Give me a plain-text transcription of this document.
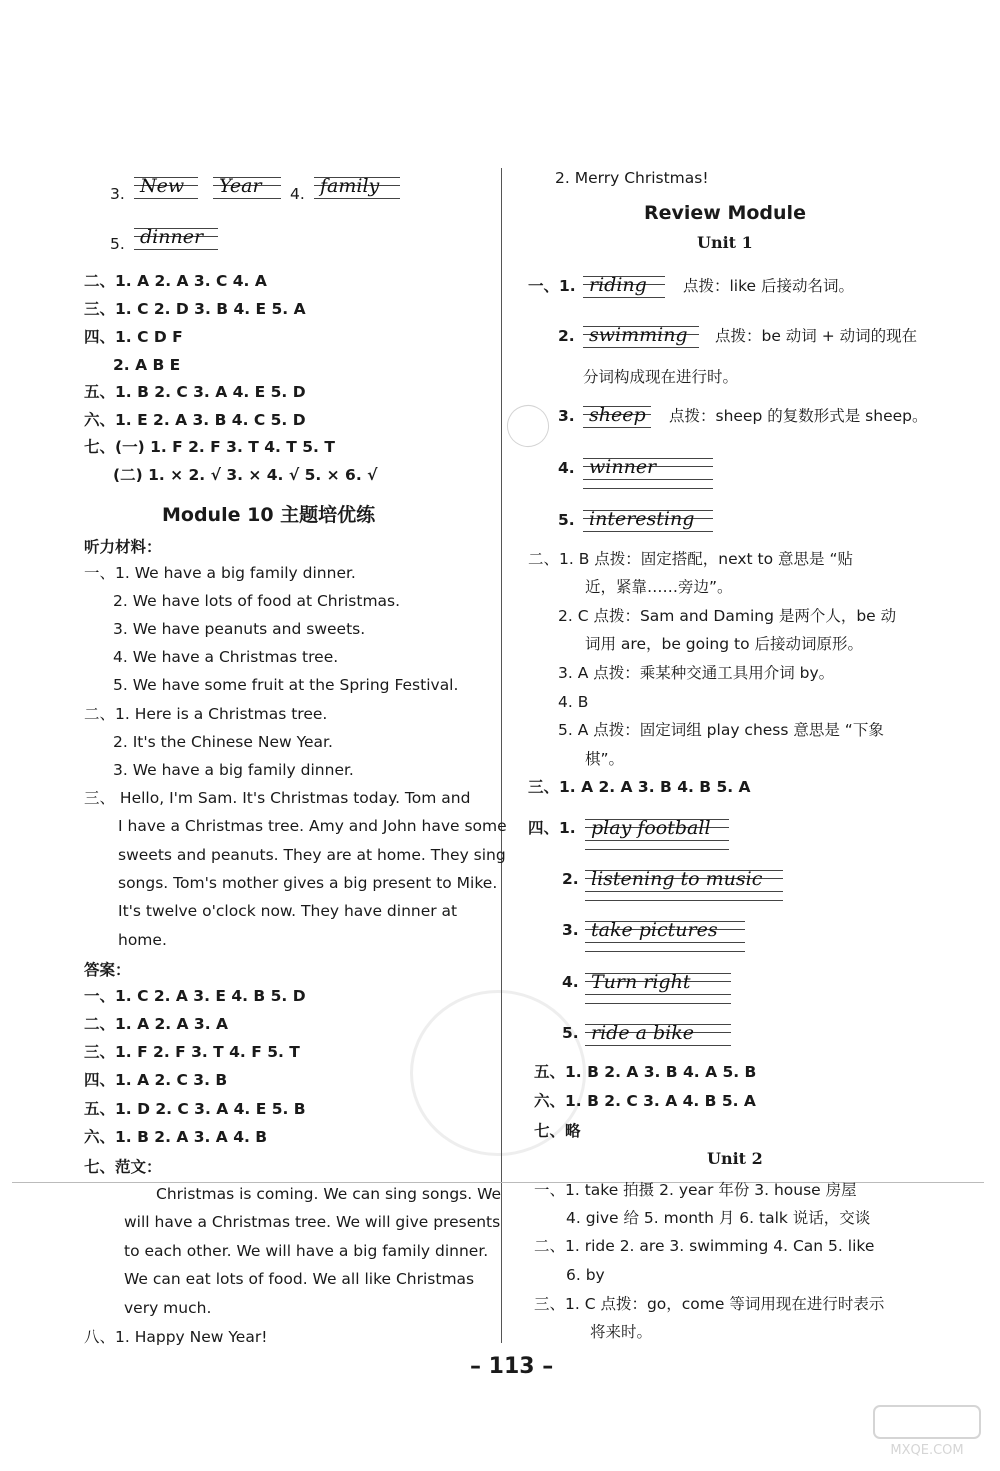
3. New Year 4. family
5. dinner
二、1. A 2. A 3. C 4. A
三、1. C 2. D 3. B 4. E 5. A
四、1. C D F
2. A B E
五、1. B 2. C 3. A 4. E 5. D
六、1. E 2. A 3. B 4. C 5. D
七、(一) 1. F 2. F 3. T 4. T 5. T
(二) 1. × 2. √ 3. × 4. √ 5. × 6. √
Module 10 主题培优练
听力材料：
一、1. We have a big family dinner.
2. We have lots of food at Christmas.
3. We have peanuts and sweets.
4. We have a Christmas tree.
5. We have some fruit at the Spring Festival.
二、1. Here is a Christmas tree.
2. It's the Chinese New Year.
3. We have a big family dinner.
三、 Hello, I'm Sam. It's Christmas today. Tom and
I have a Christmas tree. Amy and John have some
sweets and peanuts. They are at home. They sing
songs. Tom's mother gives a big present to Mike.
It's twelve o'clock now. They have dinner at
home.
答案：
一、1. C 2. A 3. E 4. B 5. D
二、1. A 2. A 3. A
三、1. F 2. F 3. T 4. F 5. T
四、1. A 2. C 3. B
五、1. D 2. C 3. A 4. E 5. B
六、1. B 2. A 3. A 4. B
七、范文：
Christmas is coming. We can sing songs. We
will have a Christmas tree. We will give presents
to each other. We will have a big family dinner.
We can eat lots of food. We all like Christmas
very much.
八、1. Happy New Year!
2. Merry Christmas!
Review Module
Unit 1
一、1. riding 点拨：like 后接动名词。
2. swimming 点拨：be 动词 + 动词的现在
分词构成现在进行时。
3. sheep 点拨：sheep 的复数形式是 sheep。
4. winner
5. interesting
二、1. B 点拨：固定搭配，next to 意思是 “贴
近，紧靠……旁边”。
2. C 点拨：Sam and Daming 是两个人，be 动
词用 are，be going to 后接动词原形。
3. A 点拨：乘某种交通工具用介词 by。
4. B
5. A 点拨：固定词组 play chess 意思是 “下象
棋”。
三、1. A 2. A 3. B 4. B 5. A
四、1. play football
2. listening to music
3. take pictures
4. Turn right
5. ride a bike
五、1. B 2. A 3. B 4. A 5. B
六、1. B 2. C 3. A 4. B 5. A
七、略
Unit 2
一、1. take 拍摄 2. year 年份 3. house 房屋
4. give 给 5. month 月 6. talk 说话，交谈
二、1. ride 2. are 3. swimming 4. Can 5. like
6. by
三、1. C 点拨：go，come 等词用现在进行时表示
将来时。
– 113 –
MXQE.COM
